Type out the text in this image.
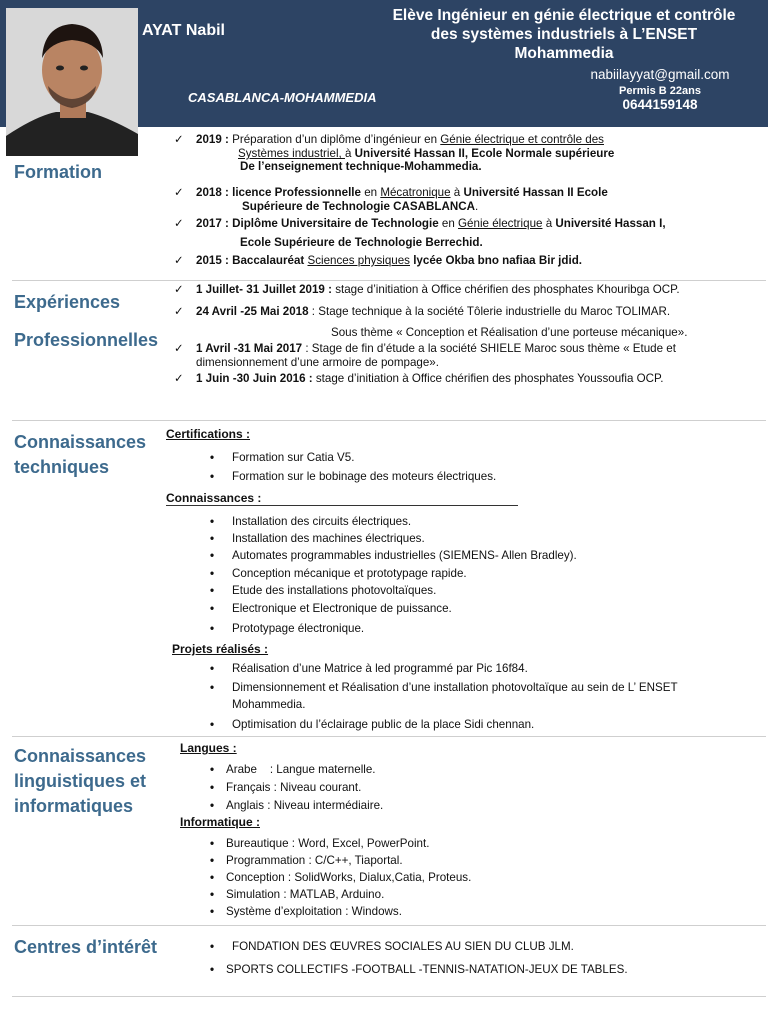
AYAT Nabil
CASABLANCA-MOHAMMEDIA
Elève Ingénieur en génie électrique et contrôle
des systèmes industriels à L’ENSET
Mohammedia
nabiilayyat@gmail.com
Permis B 22ans
0644159148
Formation
✓ 2019 : Préparation d’un diplôme d’ingénieur en Génie électrique et contrôle des
Systèmes industriel, à Université Hassan II, Ecole Normale supérieure
De l’enseignement technique-Mohammedia.
✓ 2018 : licence Professionnelle en Mécatronique à Université Hassan II Ecole
Supérieure de Technologie CASABLANCA.
✓ 2017 : Diplôme Universitaire de Technologie en Génie électrique à Université Hassan I,
Ecole Supérieure de Technologie Berrechid.
✓ 2015 : Baccalauréat Sciences physiques lycée Okba bno nafiaa Bir jdid.
Expériences
Professionnelles
✓ 1 Juillet- 31 Juillet 2019 : stage d’initiation à Office chérifien des phosphates Khouribga OCP.
✓ 24 Avril -25 Mai 2018 : Stage technique à la société Tôlerie industrielle du Maroc TOLIMAR.
Sous thème « Conception et Réalisation d’une porteuse mécanique».
✓ 1 Avril -31 Mai 2017 : Stage de fin d’étude a la société SHIELE Maroc sous thème « Etude et
dimensionnement d’une armoire de pompage».
✓ 1 Juin -30 Juin 2016 : stage d’initiation à Office chérifien des phosphates Youssoufia OCP.
Connaissances
techniques
Certifications :
• Formation sur Catia V5.
• Formation sur le bobinage des moteurs électriques.
Connaissances :
• Installation des circuits électriques.
• Installation des machines électriques.
• Automates programmables industrielles (SIEMENS- Allen Bradley).
• Conception mécanique et prototypage rapide.
• Etude des installations photovoltaïques.
• Electronique et Electronique de puissance.
• Prototypage électronique.
Projets réalisés :
• Réalisation d’une Matrice à led programmé par Pic 16f84.
• Dimensionnement et Réalisation d’une installation photovoltaïque au sein de L’ ENSET
Mohammedia.
• Optimisation du l’éclairage public de la place Sidi chennan.
Connaissances
linguistiques et
informatiques
Langues :
• Arabe    : Langue maternelle.
• Français : Niveau courant.
• Anglais : Niveau intermédiaire.
Informatique :
• Bureautique : Word, Excel, PowerPoint.
• Programmation : C/C++, Tiaportal.
• Conception : SolidWorks, Dialux,Catia, Proteus.
• Simulation : MATLAB, Arduino.
• Système d’exploitation : Windows.
Centres d’intérêt	• FONDATION DES ŒUVRES SOCIALES AU SIEN DU CLUB JLM.
• SPORTS COLLECTIFS -FOOTBALL -TENNIS-NATATION-JEUX DE TABLES.
